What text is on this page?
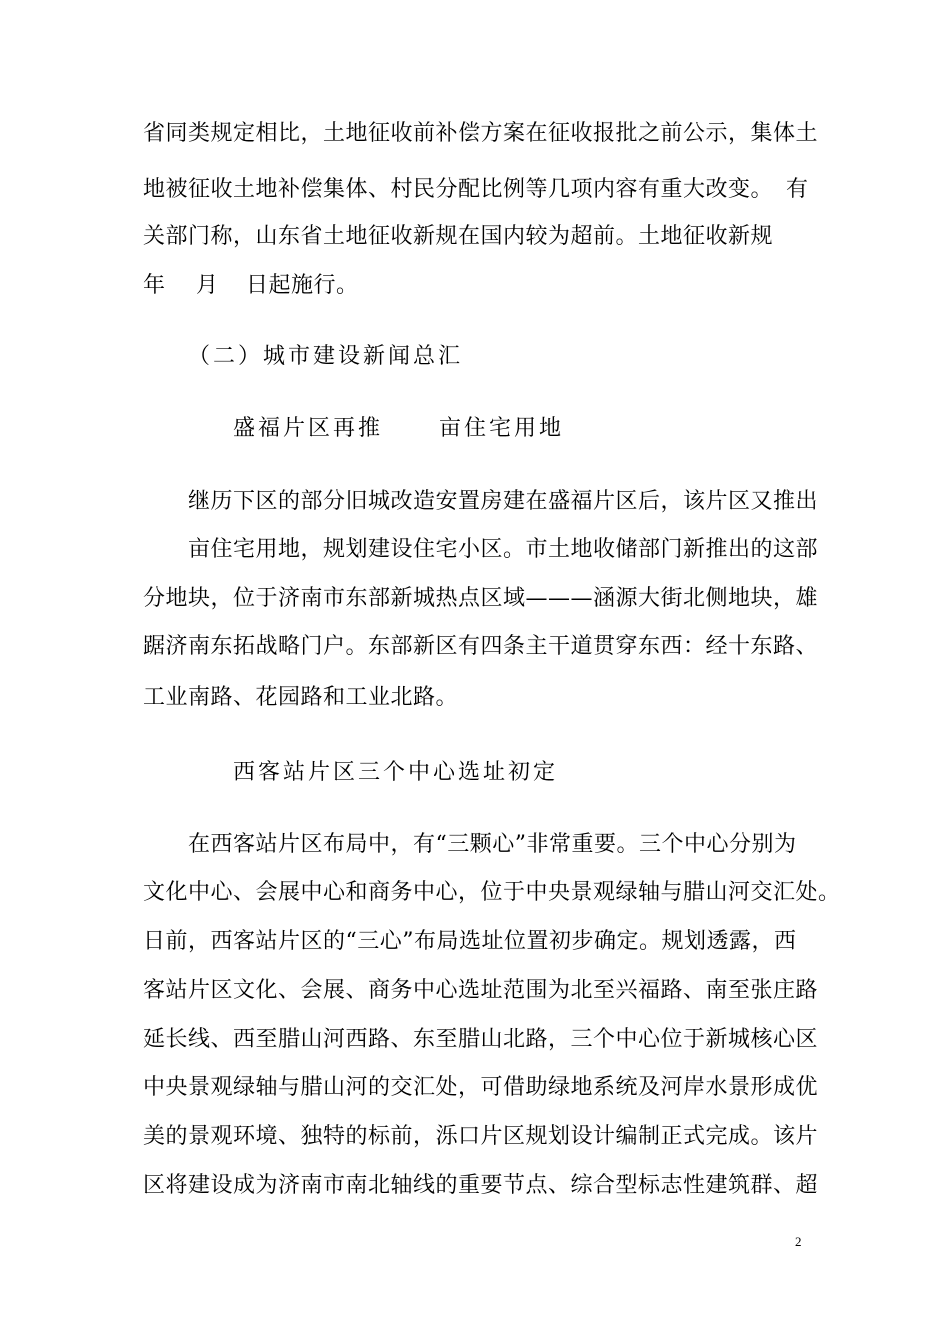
省同类规定相比，土地征收前补偿方案在征收报批之前公示，集体土
地被征收土地补偿集体、村民分配比例等几项内容有重大改变。 有
关部门称，山东省土地征收新规在国内较为超前。土地征收新规
年 月 日起施行。
（二）城市建设新闻总汇
盛福片区再推	亩住宅用地
继历下区的部分旧城改造安置房建在盛福片区后，该片区又推出
亩住宅用地，规划建设住宅小区。市土地收储部门新推出的这部
分地块，位于济南市东部新城热点区域———涵源大街北侧地块，雄
踞济南东拓战略门户。东部新区有四条主干道贯穿东西：经十东路、
工业南路、花园路和工业北路。
西客站片区三个中心选址初定
在西客站片区布局中，有“三颗心”非常重要。三个中心分别为
文化中心、会展中心和商务中心，位于中央景观绿轴与腊山河交汇处。
日前，西客站片区的“三心”布局选址位置初步确定。规划透露，西
客站片区文化、会展、商务中心选址范围为北至兴福路、南至张庄路
延长线、西至腊山河西路、东至腊山北路，三个中心位于新城核心区
中央景观绿轴与腊山河的交汇处，可借助绿地系统及河岸水景形成优
美的景观环境、独特的标前，泺口片区规划设计编制正式完成。该片
区将建设成为济南市南北轴线的重要节点、综合型标志性建筑群、超
2
